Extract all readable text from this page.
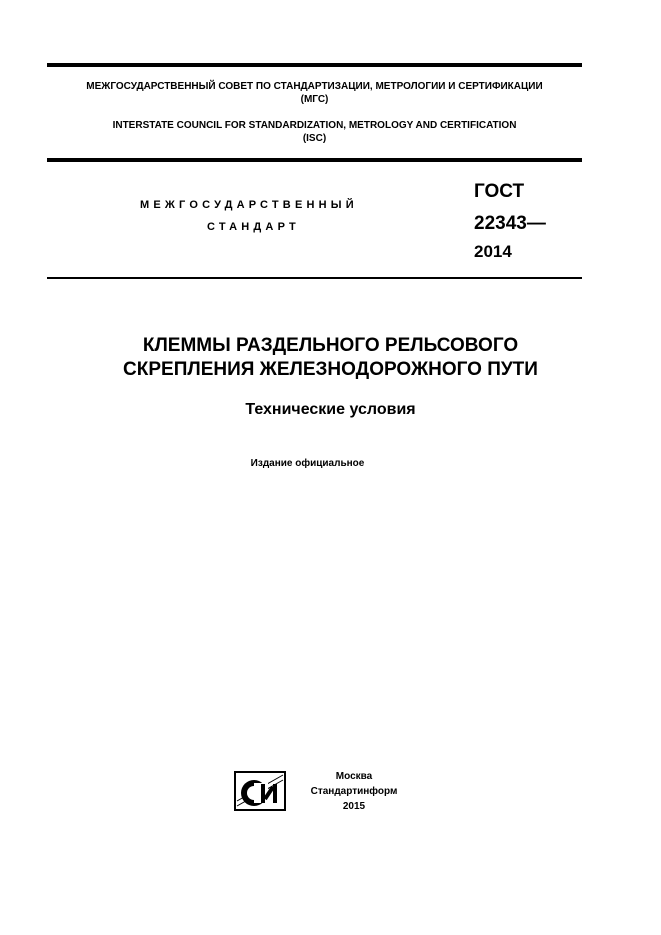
МЕЖГОСУДАРСТВЕННЫЙ СОВЕТ ПО СТАНДАРТИЗАЦИИ, МЕТРОЛОГИИ И СЕРТИФИКАЦИИ
(МГС)
INTERSTATE COUNCIL FOR STANDARDIZATION, METROLOGY AND CERTIFICATION
(ISC)
МЕЖГОСУДАРСТВЕННЫЙ
СТАНДАРТ
ГОСТ
22343—
2014
КЛЕММЫ РАЗДЕЛЬНОГО РЕЛЬСОВОГО
СКРЕПЛЕНИЯ ЖЕЛЕЗНОДОРОЖНОГО ПУТИ
Технические условия
Издание официальное
Москва
Стандартинформ
2015
